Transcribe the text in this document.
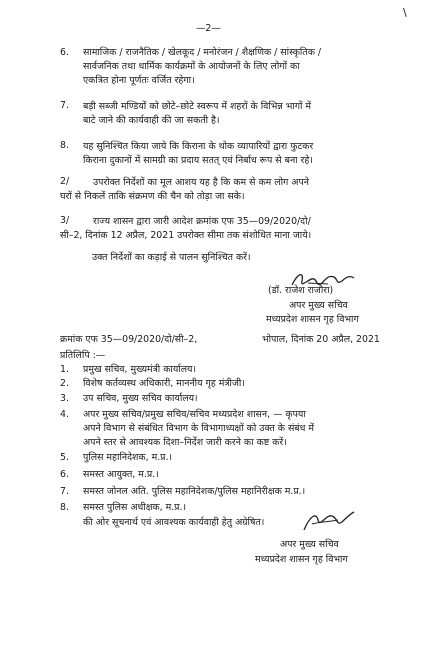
\
—2—
6. सामाजिक / राजनैतिक / खेलकूद / मनोरंजन / शैक्षणिक / सांस्कृतिक /
सार्वजनिक तथा धार्मिक कार्यक्रमों के आयोजनों के लिए लोगों का
एकत्रित होना पूर्णतः वर्जित रहेगा।
7. बड़ी सब्जी मण्डियों को छोटे–छोटे स्वरूप में शहरों के विभिन्न भागों में
बाटे जाने की कार्यवाही की जा सकती है।
8. यह सुनिश्चित किया जाये कि किराना के थोक व्यापारियों द्वारा फुटकर
किराना दुकानों में सामग्री का प्रदाय सतत् एवं निर्बाध रूप से बना रहे।
2/	उपरोक्त निर्देशों का मूल आशय यह है कि कम से कम लोग अपने
घरों से निकलें ताकि संक्रमण की चैन को तोड़ा जा सके।
3/	राज्य शासन द्वारा जारी आदेश क्रमांक एफ 35—09/2020/दो/
सी–2, दिनांक 12 अप्रैल, 2021 उपरोक्त सीमा तक संशोधित माना जाये।
उक्त निर्देशों का कड़ाई से पालन सुनिश्चित करें।
(डॉ. राजेश राजौरा)
अपर मुख्य सचिव
मध्यप्रदेश शासन गृह विभाग
क्रमांक एफ 35—09/2020/दो/सी–2,	भोपाल, दिनांक 20 अप्रैल, 2021
प्रतिलिपि :—
1. प्रमुख सचिव, मुख्यमंत्री कार्यालय।
2. विशेष कर्तव्यस्थ अधिकारी, माननीय गृह मंत्रीजी।
3. उप सचिव, मुख्य सचिव कार्यालय।
4. अपर मुख्य सचिव/प्रमुख सचिव/सचिव मध्यप्रदेश शासन, — कृपया
अपने विभाग से संबंधित विभाग के विभागाध्यक्षों को उक्त के संबंध में
अपने स्तर से आवश्यक दिशा–निर्देश जारी करने का कष्ट करें।
5. पुलिस महानिदेशक, म.प्र.।
6. समस्त आयुक्त, म.प्र.।
7. समस्त जोनल अति. पुलिस महानिदेशक/पुलिस महानिरीक्षक म.प्र.।
8. समस्त पुलिस अधीक्षक, म.प्र.।
की ओर सूचनार्थ एवं आवश्यक कार्यवाही हेतु अग्रेषित।
अपर मुख्य सचिव
मध्यप्रदेश शासन गृह विभाग
